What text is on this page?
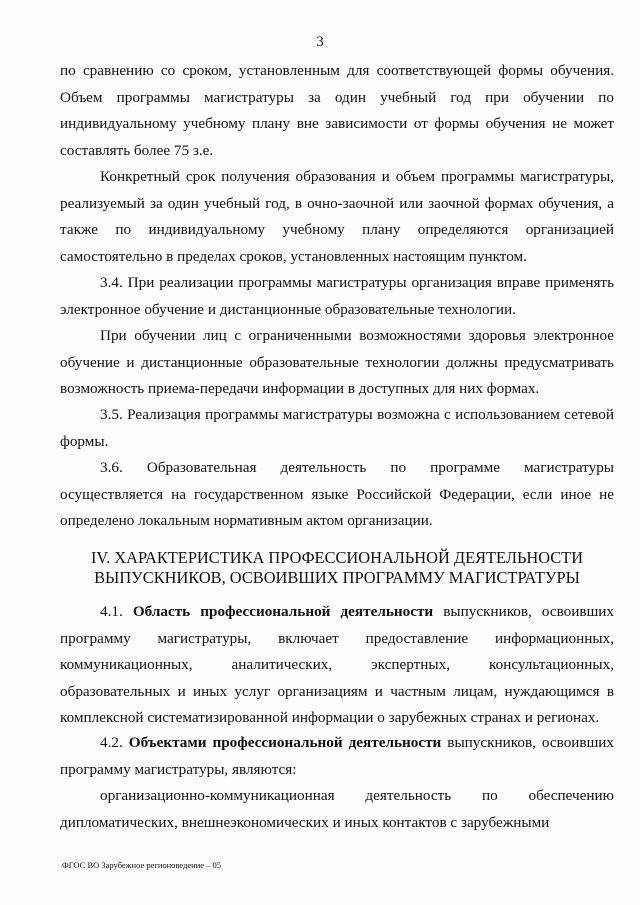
3
по сравнению со сроком, установленным для соответствующей формы обучения. Объем программы магистратуры за один учебный год при обучении по индивидуальному учебному плану вне зависимости от формы обучения не может составлять более 75 з.е.
Конкретный срок получения образования и объем программы магистратуры, реализуемый за один учебный год, в очно-заочной или заочной формах обучения, а также по индивидуальному учебному плану определяются организацией самостоятельно в пределах сроков, установленных настоящим пунктом.
3.4. При реализации программы магистратуры организация вправе применять электронное обучение и дистанционные образовательные технологии.
При обучении лиц с ограниченными возможностями здоровья электронное обучение и дистанционные образовательные технологии должны предусматривать возможность приема-передачи информации в доступных для них формах.
3.5. Реализация программы магистратуры возможна с использованием сетевой формы.
3.6. Образовательная деятельность по программе магистратуры осуществляется на государственном языке Российской Федерации, если иное не определено локальным нормативным актом организации.
IV. ХАРАКТЕРИСТИКА ПРОФЕССИОНАЛЬНОЙ ДЕЯТЕЛЬНОСТИ
ВЫПУСКНИКОВ, ОСВОИВШИХ ПРОГРАММУ МАГИСТРАТУРЫ
4.1. Область профессиональной деятельности выпускников, освоивших программу магистратуры, включает предоставление информационных, коммуникационных, аналитических, экспертных, консультационных, образовательных и иных услуг организациям и частным лицам, нуждающимся в комплексной систематизированной информации о зарубежных странах и регионах.
4.2. Объектами профессиональной деятельности выпускников, освоивших программу магистратуры, являются:
организационно-коммуникационная деятельность по обеспечению дипломатических, внешнеэкономических и иных контактов с зарубежными
ФГОС ВО Зарубежное регионоведение – 05
